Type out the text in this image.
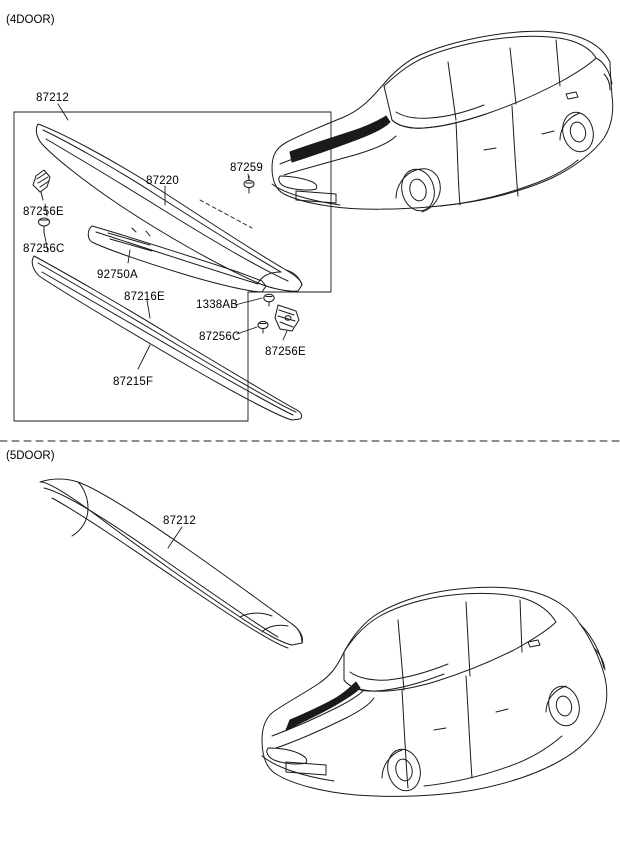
(4DOOR)
(5DOOR)
87212
87220
87259
87256E
87256C
92750A
87216E
1338AB
87256C
87256E
87215F
87212
